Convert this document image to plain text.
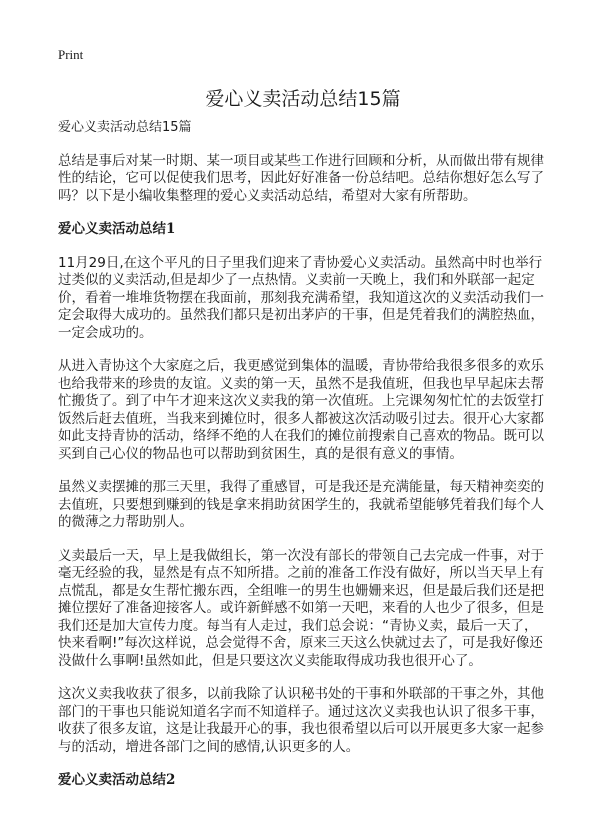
Print
爱心义卖活动总结15篇
爱心义卖活动总结15篇
总结是事后对某一时期、某一项目或某些工作进行回顾和分析，从而做出带有规律
性的结论，它可以促使我们思考，因此好好准备一份总结吧。总结你想好怎么写了
吗？以下是小编收集整理的爱心义卖活动总结，希望对大家有所帮助。
爱心义卖活动总结1
11月29日,在这个平凡的日子里我们迎来了青协爱心义卖活动。虽然高中时也举行
过类似的义卖活动,但是却少了一点热情。义卖前一天晚上，我们和外联部一起定
价，看着一堆堆货物摆在我面前，那刻我充满希望，我知道这次的义卖活动我们一
定会取得大成功的。虽然我们都只是初出茅庐的干事，但是凭着我们的满腔热血，
一定会成功的。
从进入青协这个大家庭之后，我更感觉到集体的温暖，青协带给我很多很多的欢乐
也给我带来的珍贵的友谊。义卖的第一天，虽然不是我值班，但我也早早起床去帮
忙搬货了。到了中午才迎来这次义卖我的第一次值班。上完课匆匆忙忙的去饭堂打
饭然后赶去值班，当我来到摊位时，很多人都被这次活动吸引过去。很开心大家都
如此支持青协的活动，络绎不绝的人在我们的摊位前搜索自己喜欢的物品。既可以
买到自己心仪的物品也可以帮助到贫困生，真的是很有意义的事情。
虽然义卖摆摊的那三天里，我得了重感冒，可是我还是充满能量，每天精神奕奕的
去值班，只要想到赚到的钱是拿来捐助贫困学生的，我就希望能够凭着我们每个人
的微薄之力帮助别人。
义卖最后一天，早上是我做组长，第一次没有部长的带领自己去完成一件事，对于
毫无经验的我，显然是有点不知所措。之前的准备工作没有做好，所以当天早上有
点慌乱，都是女生帮忙搬东西，全组唯一的男生也姗姗来迟，但是最后我们还是把
摊位摆好了准备迎接客人。或许新鲜感不如第一天吧，来看的人也少了很多，但是
我们还是加大宣传力度。每当有人走过，我们总会说：“青协义卖，最后一天了，
快来看啊!”每次这样说，总会觉得不舍，原来三天这么快就过去了，可是我好像还
没做什么事啊!虽然如此，但是只要这次义卖能取得成功我也很开心了。
这次义卖我收获了很多，以前我除了认识秘书处的干事和外联部的干事之外，其他
部门的干事也只能说知道名字而不知道样子。通过这次义卖我也认识了很多干事，
收获了很多友谊，这是让我最开心的事，我也很希望以后可以开展更多大家一起参
与的活动，增进各部门之间的感情,认识更多的人。
爱心义卖活动总结2
